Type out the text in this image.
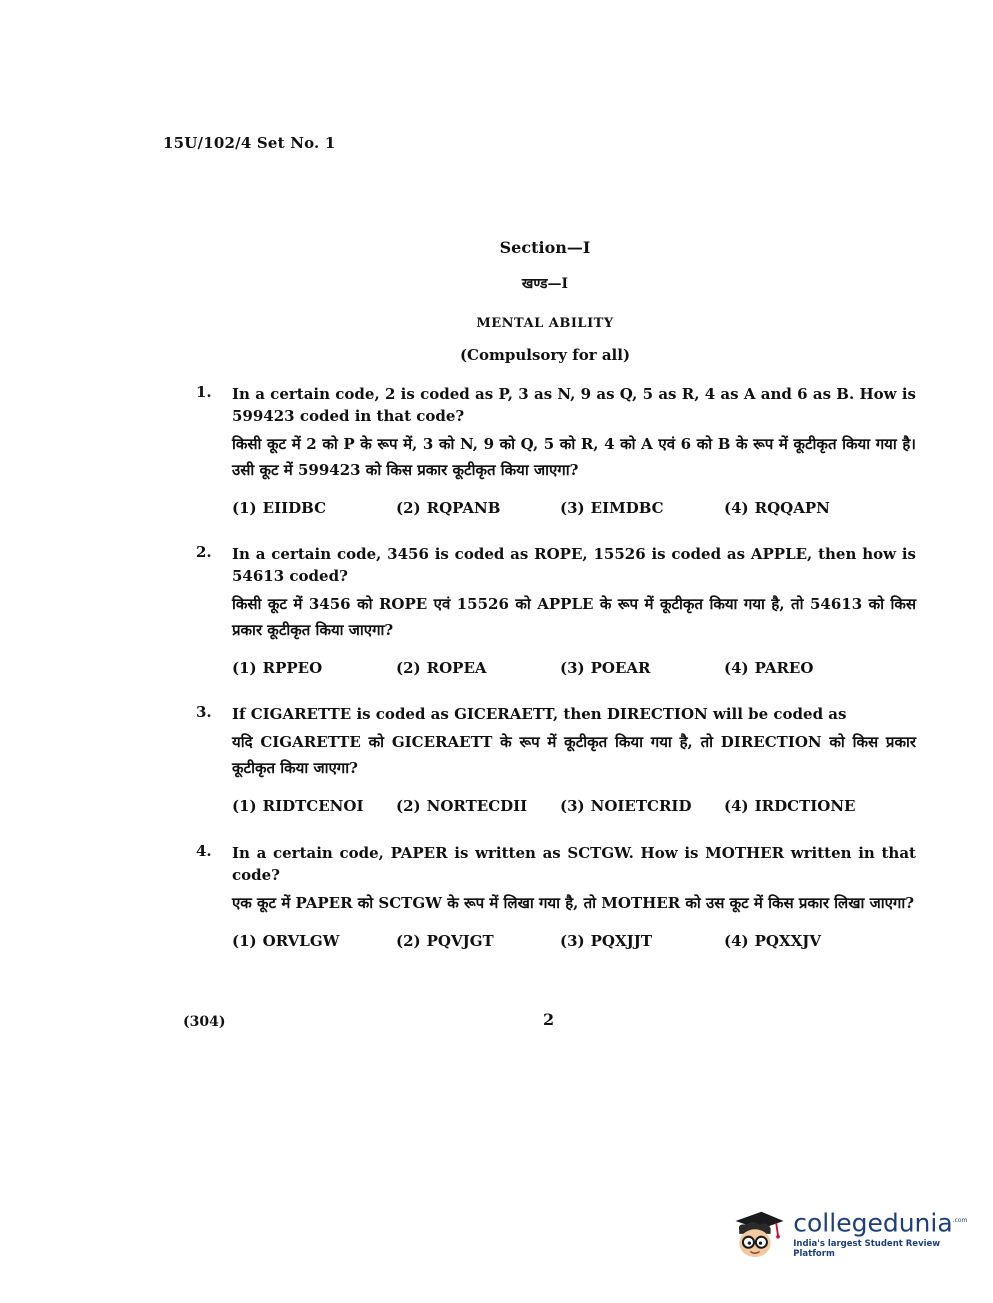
15U/102/4 Set No. 1
Section—I
खण्ड—I
MENTAL ABILITY
(Compulsory for all)
1.	In a certain code, 2 is coded as P, 3 as N, 9 as Q, 5 as R, 4 as A and 6 as B. How is 599423 coded in that code?
किसी कूट में 2 को P के रूप में, 3 को N, 9 को Q, 5 को R, 4 को A एवं 6 को B के रूप में कूटीकृत किया गया है। उसी कूट में 599423 को किस प्रकार कूटीकृत किया जाएगा?
(1) EIIDBC	(2) RQPANB	(3) EIMDBC	(4) RQQAPN
2.	In a certain code, 3456 is coded as ROPE, 15526 is coded as APPLE, then how is 54613 coded?
किसी कूट में 3456 को ROPE एवं 15526 को APPLE के रूप में कूटीकृत किया गया है, तो 54613 को किस प्रकार कूटीकृत किया जाएगा?
(1) RPPEO	(2) ROPEA	(3) POEAR	(4) PAREO
3.	If CIGARETTE is coded as GICERAETT, then DIRECTION will be coded as
यदि CIGARETTE को GICERAETT के रूप में कूटीकृत किया गया है, तो DIRECTION को किस प्रकार कूटीकृत किया जाएगा?
(1) RIDTCENOI	(2) NORTECDII	(3) NOIETCRID	(4) IRDCTIONE
4.	In a certain code, PAPER is written as SCTGW. How is MOTHER written in that code?
एक कूट में PAPER को SCTGW के रूप में लिखा गया है, तो MOTHER को उस कूट में किस प्रकार लिखा जाएगा?
(1) ORVLGW	(2) PQVJGT	(3) PQXJJT	(4) PQXXJV
(304)	2
collegedunia$^{.com}$
India's largest Student Review Platform
